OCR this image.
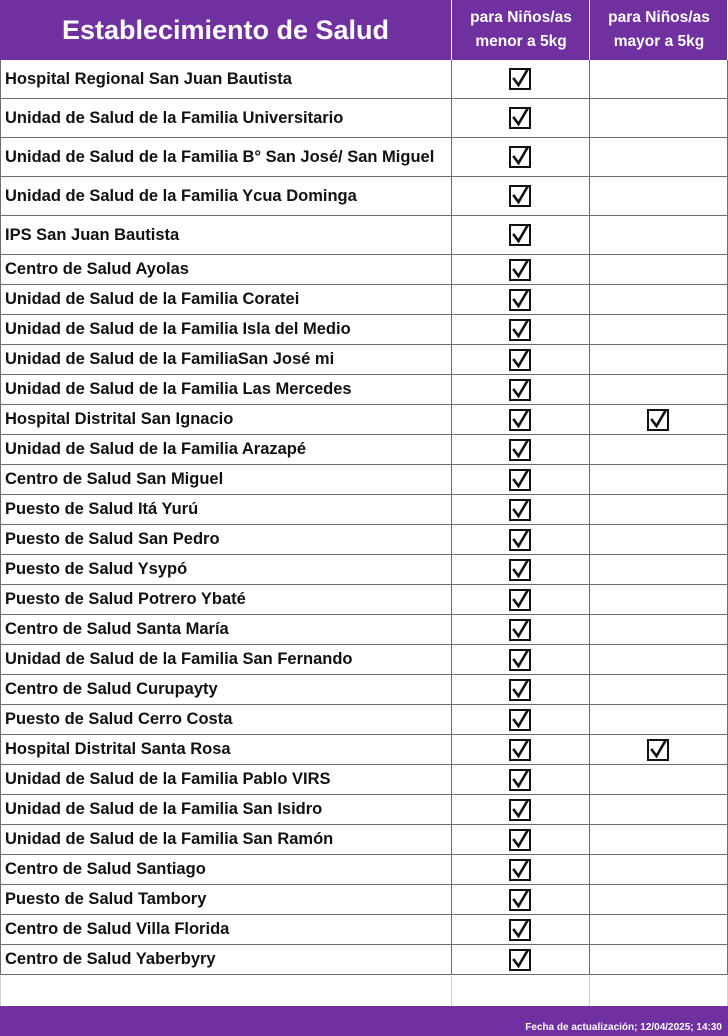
Establecimiento de Salud	para Niños/as
menor a 5kg
para Niños/as
mayor a 5kg
Hospital Regional San Juan Bautista
Unidad de Salud de la Familia Universitario
Unidad de Salud de la Familia B° San José/ San Miguel
Unidad de Salud de la Familia Ycua Dominga
IPS San Juan Bautista
Centro de Salud Ayolas
Unidad de Salud de la Familia Coratei
Unidad de Salud de la Familia Isla del Medio
Unidad de Salud de la FamiliaSan José mi
Unidad de Salud de la Familia Las Mercedes
Hospital Distrital San Ignacio
Unidad de Salud de la Familia Arazapé
Centro de Salud San Miguel
Puesto de Salud Itá Yurú
Puesto de Salud San Pedro
Puesto de Salud Ysypó
Puesto de Salud Potrero Ybaté
Centro de Salud Santa María
Unidad de Salud de la Familia San Fernando
Centro de Salud Curupayty
Puesto de Salud Cerro Costa
Hospital Distrital Santa Rosa
Unidad de Salud de la Familia Pablo VIRS
Unidad de Salud de la Familia San Isidro
Unidad de Salud de la Familia San Ramón
Centro de Salud Santiago
Puesto de Salud Tambory
Centro de Salud Villa Florida
Centro de Salud Yaberbyry
Fecha de actualización; 12/04/2025; 14:30
